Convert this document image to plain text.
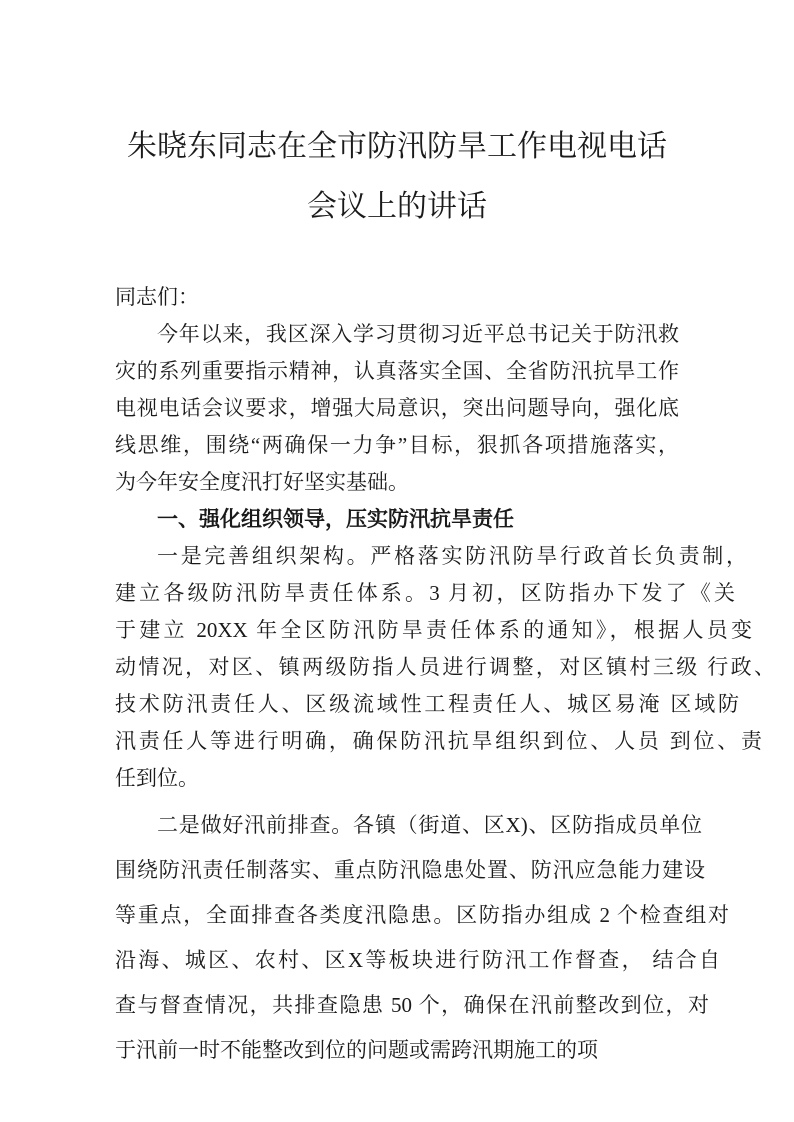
朱晓东同志在全市防汛防旱工作电视电话
会议上的讲话
同志们：
今年以来，我区深入学习贯彻习近平总书记关于防汛救
灾的系列重要指示精神，认真落实全国、全省防汛抗旱工作
电视电话会议要求，增强大局意识，突出问题导向，强化底
线思维，围绕“两确保一力争”目标，狠抓各项措施落实，
为今年安全度汛打好坚实基础。
一、强化组织领导，压实防汛抗旱责任
一是完善组织架构。严格落实防汛防旱行政首长负责制，
建立各级防汛防旱责任体系。3 月初，区防指办下发了《关
于建立 20XX 年全区防汛防旱责任体系的通知》，根据人员变
动情况，对区、镇两级防指人员进行调整，对区镇村三级 行政、
技术防汛责任人、区级流域性工程责任人、城区易淹 区域防
汛责任人等进行明确，确保防汛抗旱组织到位、人员 到位、责
任到位。
二是做好汛前排查。各镇（街道、区X)、区防指成员单位
围绕防汛责任制落实、重点防汛隐患处置、防汛应急能力建设
等重点，全面排查各类度汛隐患。区防指办组成 2 个检查组对
沿海、城区、农村、区X等板块进行防汛工作督查， 结合自
查与督查情况，共排查隐患 50 个，确保在汛前整改到位，对
于汛前一时不能整改到位的问题或需跨汛期施工的项
